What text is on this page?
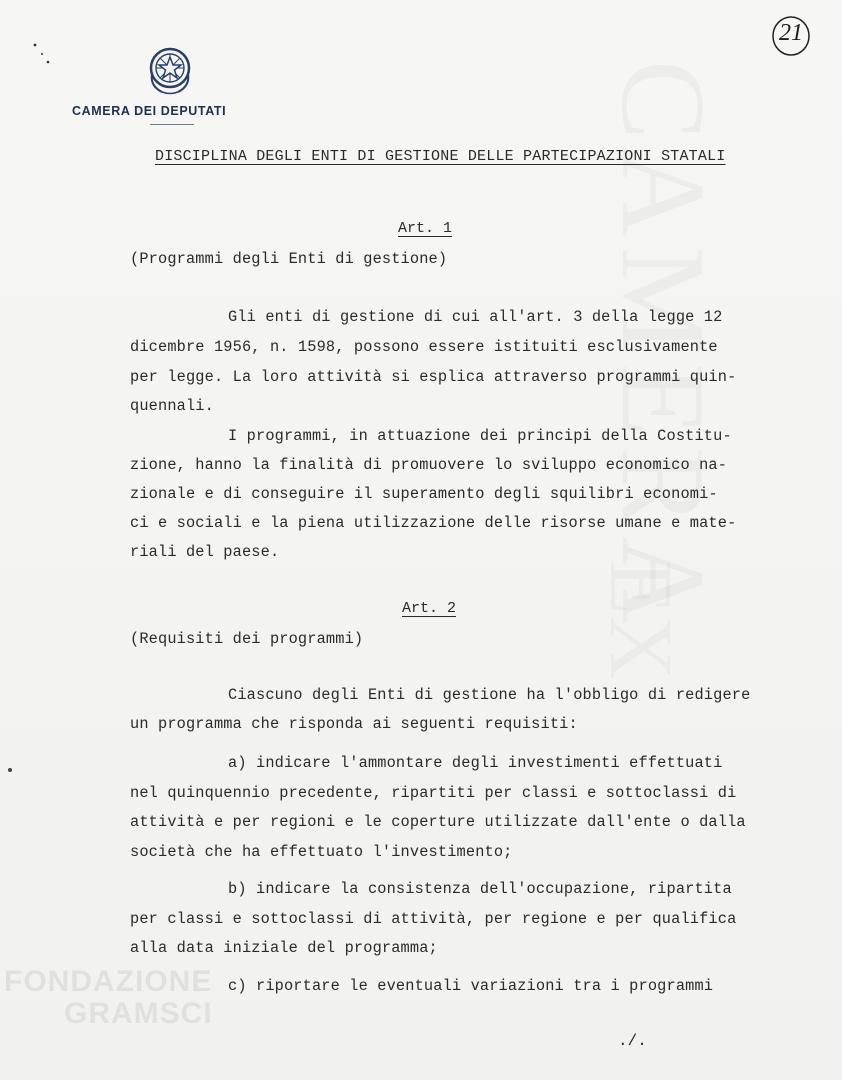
FONDAZIONE
GRAMSCI
CAMERA DEI DEPUTATI
21
DISCIPLINA DEGLI ENTI DI GESTIONE DELLE PARTECIPAZIONI STATALI
Art. 1
(Programmi degli Enti di gestione)
Gli enti di gestione di cui all'art. 3 della legge 12
dicembre 1956, n. 1598, possono essere istituiti esclusivamente
per legge. La loro attività si esplica attraverso programmi quin-
quennali.
I programmi, in attuazione dei principi della Costitu-
zione, hanno la finalità di promuovere lo sviluppo economico na-
zionale e di conseguire il superamento degli squilibri economi-
ci e sociali e la piena utilizzazione delle risorse umane e mate-
riali del paese.
Art. 2
(Requisiti dei programmi)
Ciascuno degli Enti di gestione ha l'obbligo di redigere
un programma che risponda ai seguenti requisiti:
a) indicare l'ammontare degli investimenti effettuati
nel quinquennio precedente, ripartiti per classi e sottoclassi di
attività e per regioni e le coperture utilizzate dall'ente o dalla
società che ha effettuato l'investimento;
b) indicare la consistenza dell'occupazione, ripartita
per classi e sottoclassi di attività, per regione e per qualifica
alla data iniziale del programma;
c) riportare le eventuali variazioni tra i programmi
./.
